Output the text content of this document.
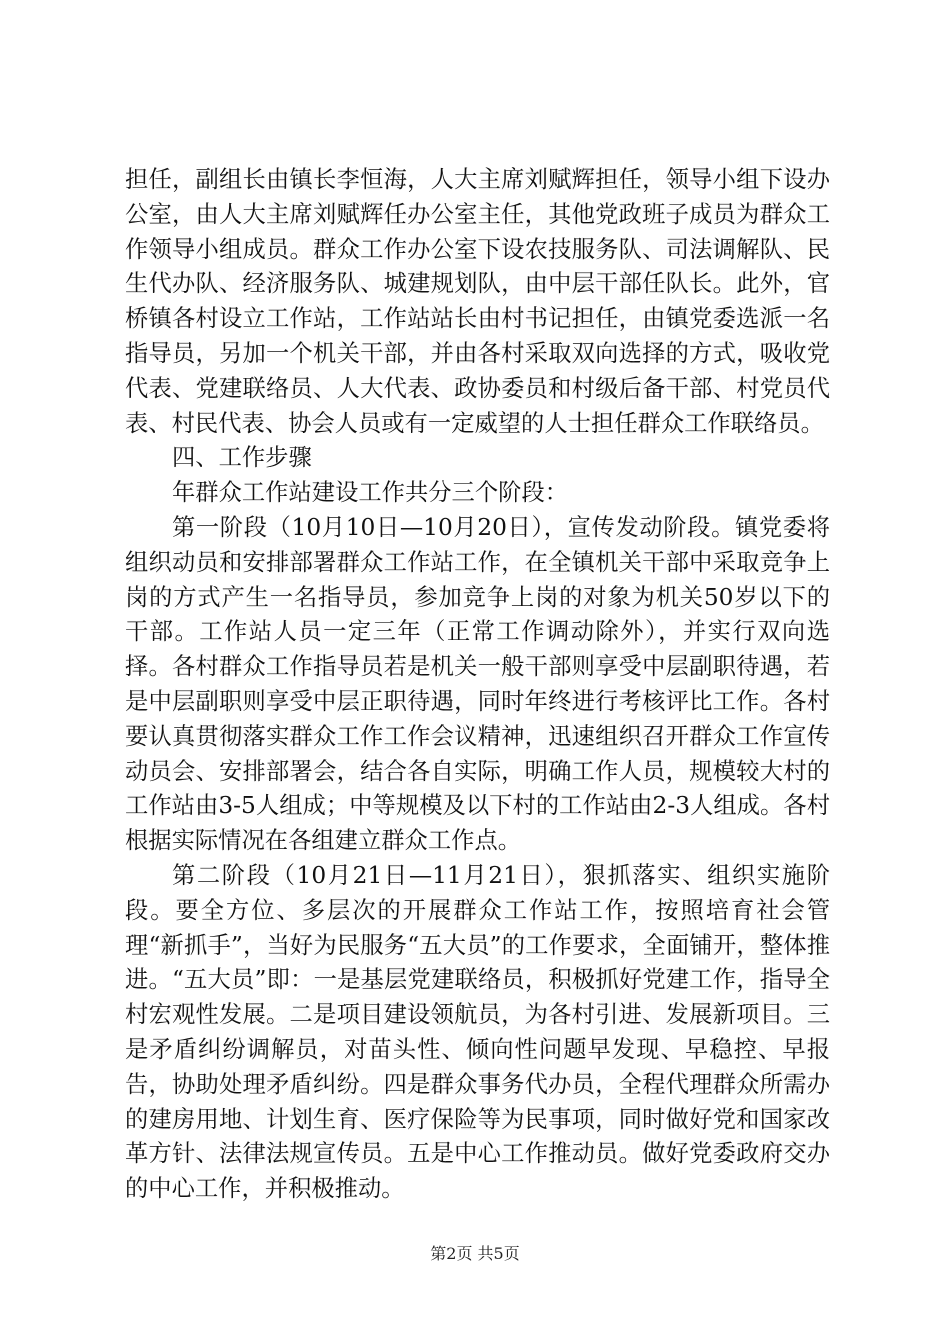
担任，副组长由镇长李恒海，人大主席刘赋辉担任，领导小组下设办公室，由人大主席刘赋辉任办公室主任，其他党政班子成员为群众工作领导小组成员。群众工作办公室下设农技服务队、司法调解队、民生代办队、经济服务队、城建规划队，由中层干部任队长。此外，官桥镇各村设立工作站，工作站站长由村书记担任，由镇党委选派一名指导员，另加一个机关干部，并由各村采取双向选择的方式，吸收党代表、党建联络员、人大代表、政协委员和村级后备干部、村党员代表、村民代表、协会人员或有一定威望的人士担任群众工作联络员。

四、工作步骤

年群众工作站建设工作共分三个阶段：

第一阶段（10月10日—10月20日），宣传发动阶段。镇党委将组织动员和安排部署群众工作站工作，在全镇机关干部中采取竞争上岗的方式产生一名指导员，参加竞争上岗的对象为机关50岁以下的干部。工作站人员一定三年（正常工作调动除外），并实行双向选择。各村群众工作指导员若是机关一般干部则享受中层副职待遇，若是中层副职则享受中层正职待遇，同时年终进行考核评比工作。各村要认真贯彻落实群众工作工作会议精神，迅速组织召开群众工作宣传动员会、安排部署会，结合各自实际，明确工作人员，规模较大村的工作站由3-5人组成；中等规模及以下村的工作站由2-3人组成。各村根据实际情况在各组建立群众工作点。

第二阶段（10月21日—11月21日），狠抓落实、组织实施阶段。要全方位、多层次的开展群众工作站工作，按照培育社会管理“新抓手”，当好为民服务“五大员”的工作要求，全面铺开，整体推进。“五大员”即：一是基层党建联络员，积极抓好党建工作，指导全村宏观性发展。二是项目建设领航员，为各村引进、发展新项目。三是矛盾纠纷调解员，对苗头性、倾向性问题早发现、早稳控、早报告，协助处理矛盾纠纷。四是群众事务代办员，全程代理群众所需办的建房用地、计划生育、医疗保险等为民事项，同时做好党和国家改革方针、法律法规宣传员。五是中心工作推动员。做好党委政府交办的中心工作，并积极推动。

第2页 共5页
